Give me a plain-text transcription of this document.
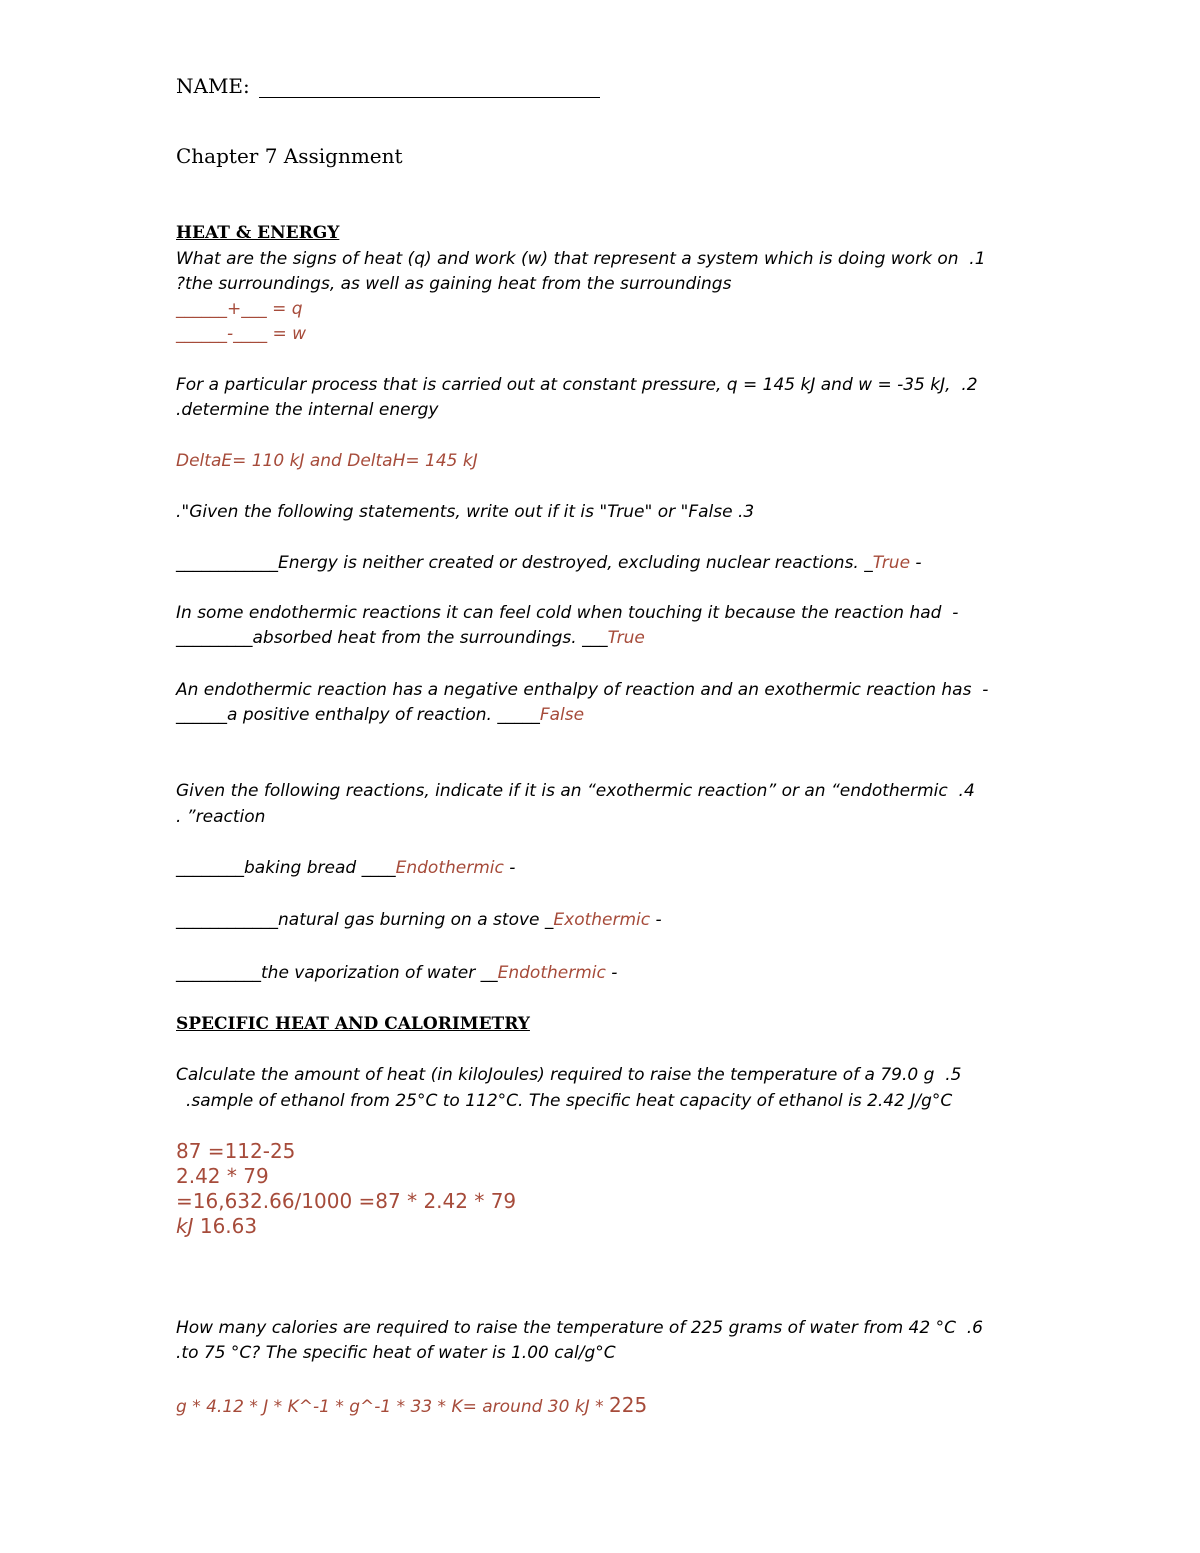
NAME:
Chapter 7 Assignment
HEAT & ENERGY
What are the signs of heat (q) and work (w) that represent a system which is doing work on  .1
?the surroundings, as well as gaining heat from the surroundings
______+___ = q
______-____ = w
For a particular process that is carried out at constant pressure, q = 145 kJ and w = -35 kJ,  .2
.determine the internal energy
DeltaE= 110 kJ and DeltaH= 145 kJ
."Given the following statements, write out if it is "True" or "False .3
____________Energy is neither created or destroyed, excluding nuclear reactions. _True -
In some endothermic reactions it can feel cold when touching it because the reaction had  -
_________absorbed heat from the surroundings. ___True
An endothermic reaction has a negative enthalpy of reaction and an exothermic reaction has  -
______a positive enthalpy of reaction. _____False
Given the following reactions, indicate if it is an “exothermic reaction” or an “endothermic  .4
. ”reaction
________baking bread ____Endothermic -
____________natural gas burning on a stove _Exothermic -
__________the vaporization of water __Endothermic -
SPECIFIC HEAT AND CALORIMETRY
Calculate the amount of heat (in kiloJoules) required to raise the temperature of a 79.0 g  .5
.sample of ethanol from 25°C to 112°C. The specific heat capacity of ethanol is 2.42 J/g°C
87 =112-25
2.42 * 79
=16,632.66/1000 =87 * 2.42 * 79
kJ 16.63
How many calories are required to raise the temperature of 225 grams of water from 42 °C  .6
.to 75 °C? The specific heat of water is 1.00 cal/g°C
g * 4.12 * J * K^-1 * g^-1 * 33 * K= around 30 kJ * 225
